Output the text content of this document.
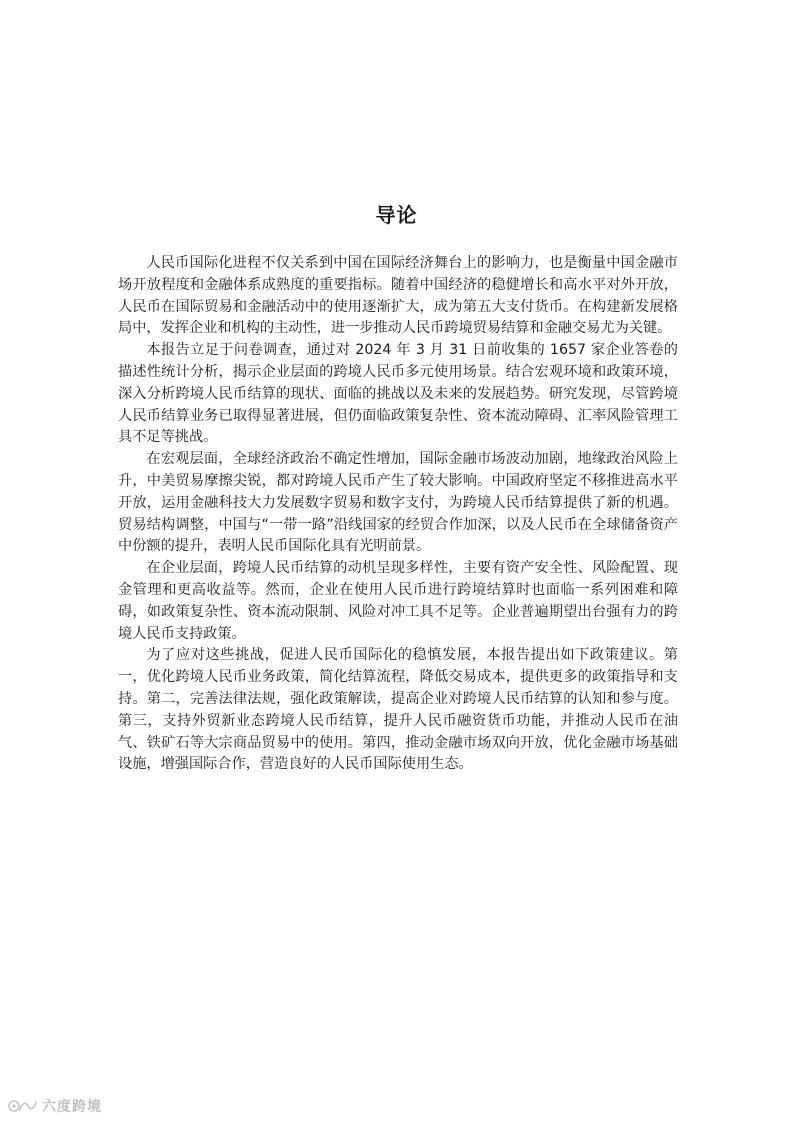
导论

人民币国际化进程不仅关系到中国在国际经济舞台上的影响力，也是衡量中国金融市场开放程度和金融体系成熟度的重要指标。随着中国经济的稳健增长和高水平对外开放，人民币在国际贸易和金融活动中的使用逐渐扩大，成为第五大支付货币。在构建新发展格局中，发挥企业和机构的主动性，进一步推动人民币跨境贸易结算和金融交易尤为关键。

本报告立足于问卷调查，通过对 2024 年 3 月 31 日前收集的 1657 家企业答卷的描述性统计分析，揭示企业层面的跨境人民币多元使用场景。结合宏观环境和政策环境，深入分析跨境人民币结算的现状、面临的挑战以及未来的发展趋势。研究发现，尽管跨境人民币结算业务已取得显著进展，但仍面临政策复杂性、资本流动障碍、汇率风险管理工具不足等挑战。

在宏观层面，全球经济政治不确定性增加，国际金融市场波动加剧，地缘政治风险上升，中美贸易摩擦尖锐，都对跨境人民币产生了较大影响。中国政府坚定不移推进高水平开放，运用金融科技大力发展数字贸易和数字支付，为跨境人民币结算提供了新的机遇。贸易结构调整，中国与“一带一路”沿线国家的经贸合作加深，以及人民币在全球储备资产中份额的提升，表明人民币国际化具有光明前景。

在企业层面，跨境人民币结算的动机呈现多样性，主要有资产安全性、风险配置、现金管理和更高收益等。然而，企业在使用人民币进行跨境结算时也面临一系列困难和障碍，如政策复杂性、资本流动限制、风险对冲工具不足等。企业普遍期望出台强有力的跨境人民币支持政策。

为了应对这些挑战，促进人民币国际化的稳慎发展，本报告提出如下政策建议。第一，优化跨境人民币业务政策，简化结算流程，降低交易成本，提供更多的政策指导和支持。第二，完善法律法规，强化政策解读，提高企业对跨境人民币结算的认知和参与度。第三，支持外贸新业态跨境人民币结算，提升人民币融资货币功能，并推动人民币在油气、铁矿石等大宗商品贸易中的使用。第四，推动金融市场双向开放，优化金融市场基础设施，增强国际合作，营造良好的人民币国际使用生态。

六度跨境
